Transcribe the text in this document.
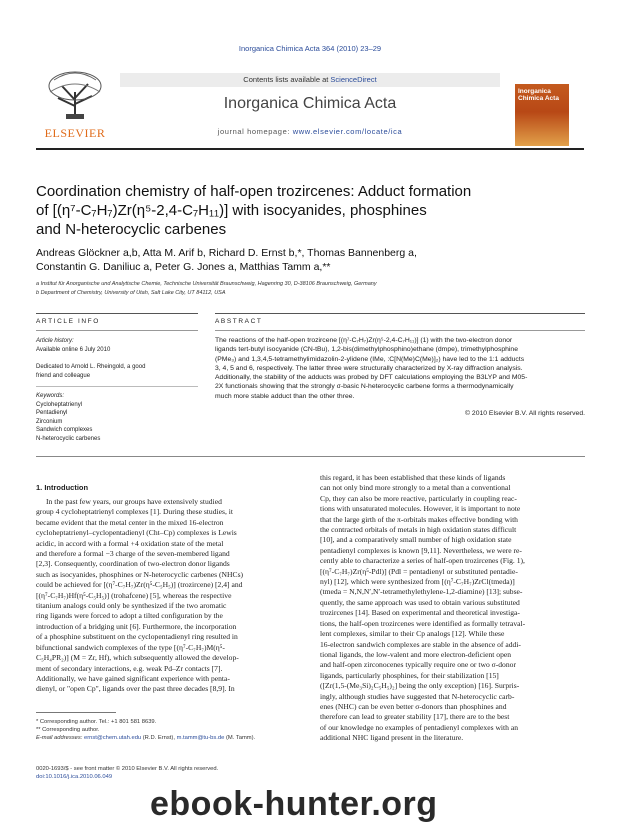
Inorganica Chimica Acta 364 (2010) 23–29
ELSEVIER
Contents lists available at ScienceDirect
Inorganica Chimica Acta
journal homepage: www.elsevier.com/locate/ica
Inorganica Chimica Acta
Coordination chemistry of half-open trozircenes: Adduct formation
of [(η⁷-C₇H₇)Zr(η⁵-2,4-C₇H₁₁)] with isocyanides, phosphines
and N-heterocyclic carbenes
Andreas Glöckner a,b, Atta M. Arif b, Richard D. Ernst b,*, Thomas Bannenberg a,
Constantin G. Daniliuc a, Peter G. Jones a, Matthias Tamm a,**
a Institut für Anorganische und Analytische Chemie, Technische Universität Braunschweig, Hagenring 30, D-38106 Braunschweig, Germany
b Department of Chemistry, University of Utah, Salt Lake City, UT 84112, USA
ARTICLE INFO	ABSTRACT
Article history:
Available online 6 July 2010
Dedicated to Arnold L. Rheingold, a good
friend and colleague
Keywords:
Cycloheptatrienyl
Pentadienyl
Zirconium
Sandwich complexes
N-heterocyclic carbenes
The reactions of the half-open trozircene [(η⁷-C₇H₇)Zr(η⁵-2,4-C₇H₁₁)] (1) with the two-electron donor
ligands tert-butyl isocyanide (CN-tBu), 1,2-bis(dimethylphosphino)ethane (dmpe), trimethylphosphine
(PMe₃) and 1,3,4,5-tetramethylimidazolin-2-ylidene (IMe, :C[N(Me)C(Me)]₂) have led to the 1:1 adducts
3, 4, 5 and 6, respectively. The latter three were structurally characterized by X-ray diffraction analysis.
Additionally, the stability of the adducts was probed by DFT calculations employing the B3LYP and M05-
2X functionals showing that the strongly σ-basic N-heterocyclic carbene forms a thermodynamically
much more stable adduct than the other three.
© 2010 Elsevier B.V. All rights reserved.
1. Introduction
In the past few years, our groups have extensively studied
group 4 cycloheptatrienyl complexes [1]. During these studies, it
became evident that the metal center in the mixed 16-electron
cycloheptatrienyl–cyclopentadienyl (Cht–Cp) complexes is Lewis
acidic, in accord with a formal +4 oxidation state of the metal
and therefore a formal −3 charge of the seven-membered ligand
[2,3]. Consequently, coordination of two-electron donor ligands
such as isocyanides, phosphines or N-heterocyclic carbenes (NHCs)
could be achieved for [(η⁷-C₇H₇)Zr(η⁵-C₅H₅)] (trozircene) [2,4] and
[(η⁷-C₇H₇)Hf(η⁵-C₅H₅)] (trohafcene) [5], whereas the respective
titanium analogs could only be synthesized if the two aromatic
ring ligands were forced to adopt a tilted configuration by the
introduction of a bridging unit [6]. Furthermore, the incorporation
of a phosphine substituent on the cyclopentadienyl ring resulted in
bifunctional sandwich complexes of the type [(η⁷-C₇H₇)M(η⁵-
C₅H₄PR₂)] (M = Zr, Hf), which subsequently allowed the develop-
ment of secondary interactions, e.g. weak Pd–Zr contacts [7].
Additionally, we have gained significant experience with penta-
dienyl, or "open Cp", ligands over the past three decades [8,9]. In
this regard, it has been established that these kinds of ligands
can not only bind more strongly to a metal than a conventional
Cp, they can also be more reactive, particularly in coupling reac-
tions with unsaturated molecules. However, it is important to note
that the large girth of the π-orbitals makes effective bonding with
the contracted orbitals of metals in high oxidation states difficult
[10], and a comparatively small number of high oxidation state
pentadienyl complexes is known [9,11]. Nevertheless, we were re-
cently able to characterize a series of half-open trozircenes (Fig. 1),
[(η⁷-C₇H₇)Zr(η⁵-Pdl)] (Pdl = pentadienyl or substituted pentadie-
nyl) [12], which were synthesized from [(η⁷-C₇H₇)ZrCl(tmeda)]
(tmeda = N,N,N′,N′-tetramethylethylene-1,2-diamine) [13]; subse-
quently, the same approach was used to obtain various substituted
trozircenes [14]. Based on experimental and theoretical investiga-
tions, the half-open trozircenes were identified as formally tetraval-
lent complexes, similar to their Cp analogs [12]. While these
16-electron sandwich complexes are stable in the absence of addi-
tional ligands, the low-valent and more electron-deficient open
and half-open zirconocenes typically require one or two σ-donor
ligands, particularly phosphines, for their stabilization [15]
([Zr(1,5-(Me₃Si)₂C₅H₅)₂] being the only exception) [16]. Surpris-
ingly, although studies have suggested that N-heterocyclic carb-
enes (NHC) can be even better σ-donors than phosphines and
therefore can lead to greater stability [17], there are to the best
of our knowledge no examples of pentadienyl complexes with an
additional NHC ligand present in the literature.
* Corresponding author. Tel.: +1 801 581 8639.
** Corresponding author.
E-mail addresses: ernst@chem.utah.edu (R.D. Ernst), m.tamm@tu-bs.de (M. Tamm).
0020-1693/$ - see front matter © 2010 Elsevier B.V. All rights reserved.
doi:10.1016/j.ica.2010.06.049
ebook-hunter.org
